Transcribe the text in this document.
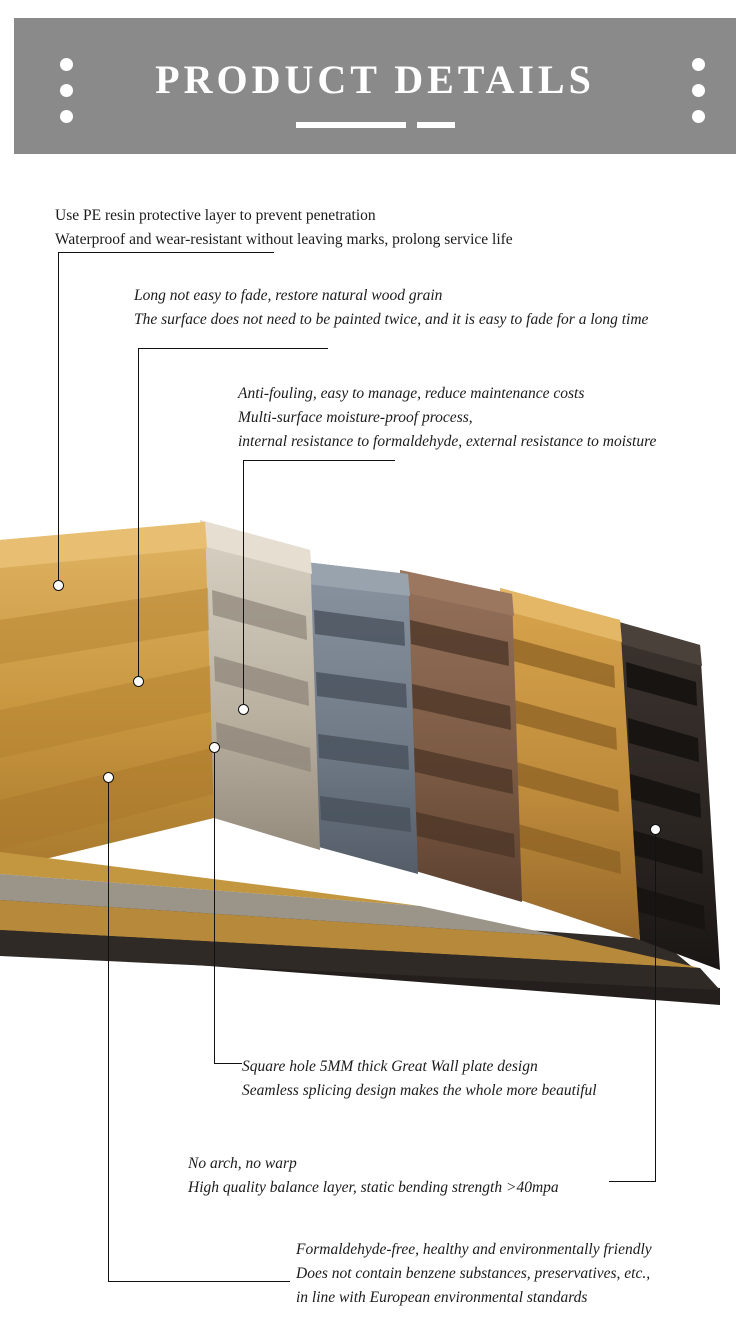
PRODUCT DETAILS
Use PE resin protective layer to prevent penetration
Waterproof and wear-resistant without leaving marks, prolong service life
Long not easy to fade, restore natural wood grain
The surface does not need to be painted twice, and it is easy to fade for a long time
Anti-fouling, easy to manage, reduce maintenance costs
Multi-surface moisture-proof process,
internal resistance to formaldehyde, external resistance to moisture
Square hole 5MM thick Great Wall plate design
Seamless splicing design makes the whole more beautiful
No arch, no warp
High quality balance layer, static bending strength >40mpa
Formaldehyde-free, healthy and environmentally friendly
Does not contain benzene substances, preservatives, etc.,
in line with European environmental standards
